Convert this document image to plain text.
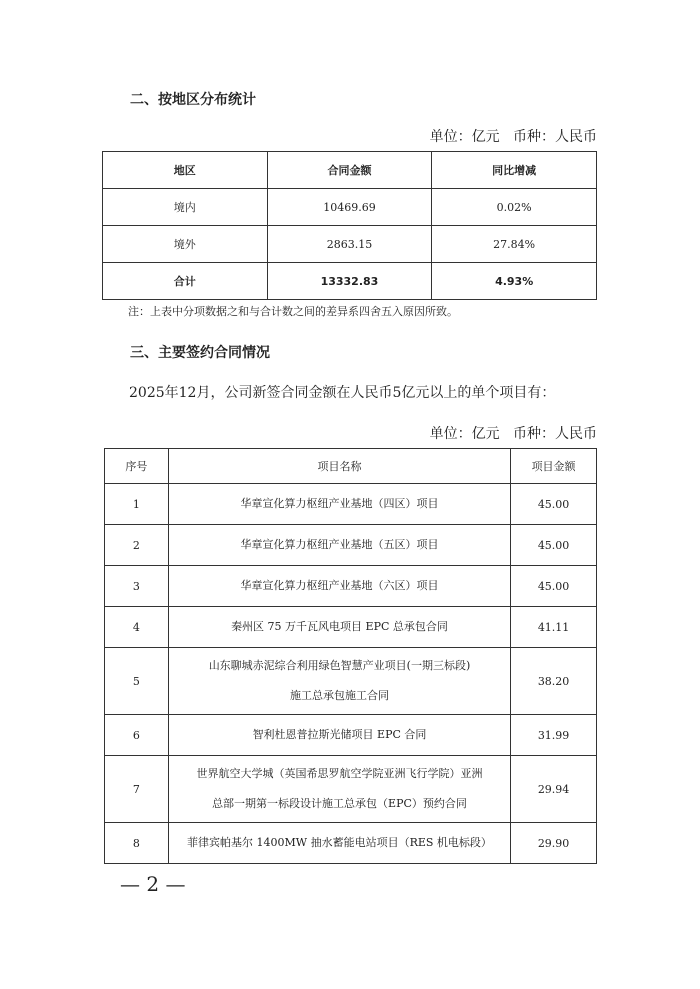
二、按地区分布统计
单位：亿元   币种：人民币
地区	合同金额	同比增减
境内	10469.69	0.02%
境外	2863.15	27.84%
合计	13332.83	4.93%
注：上表中分项数据之和与合计数之间的差异系四舍五入原因所致。
三、主要签约合同情况
2025年12月，公司新签合同金额在人民币5亿元以上的单个项目有：
单位：亿元   币种：人民币
序号	项目名称	项目金额
1	华章宣化算力枢纽产业基地（四区）项目	45.00
2	华章宣化算力枢纽产业基地（五区）项目	45.00
3	华章宣化算力枢纽产业基地（六区）项目	45.00
4	秦州区 75 万千瓦风电项目 EPC 总承包合同	41.11
5	山东聊城赤泥综合利用绿色智慧产业项目(一期三标段)
施工总承包施工合同	38.20
6	智利杜恩普拉斯光储项目 EPC 合同	31.99
7	世界航空大学城（英国希思罗航空学院亚洲飞行学院）亚洲
总部一期第一标段设计施工总承包（EPC）预约合同	29.94
8	菲律宾帕基尔 1400MW 抽水蓄能电站项目（RES 机电标段）	29.90
— 2 —
